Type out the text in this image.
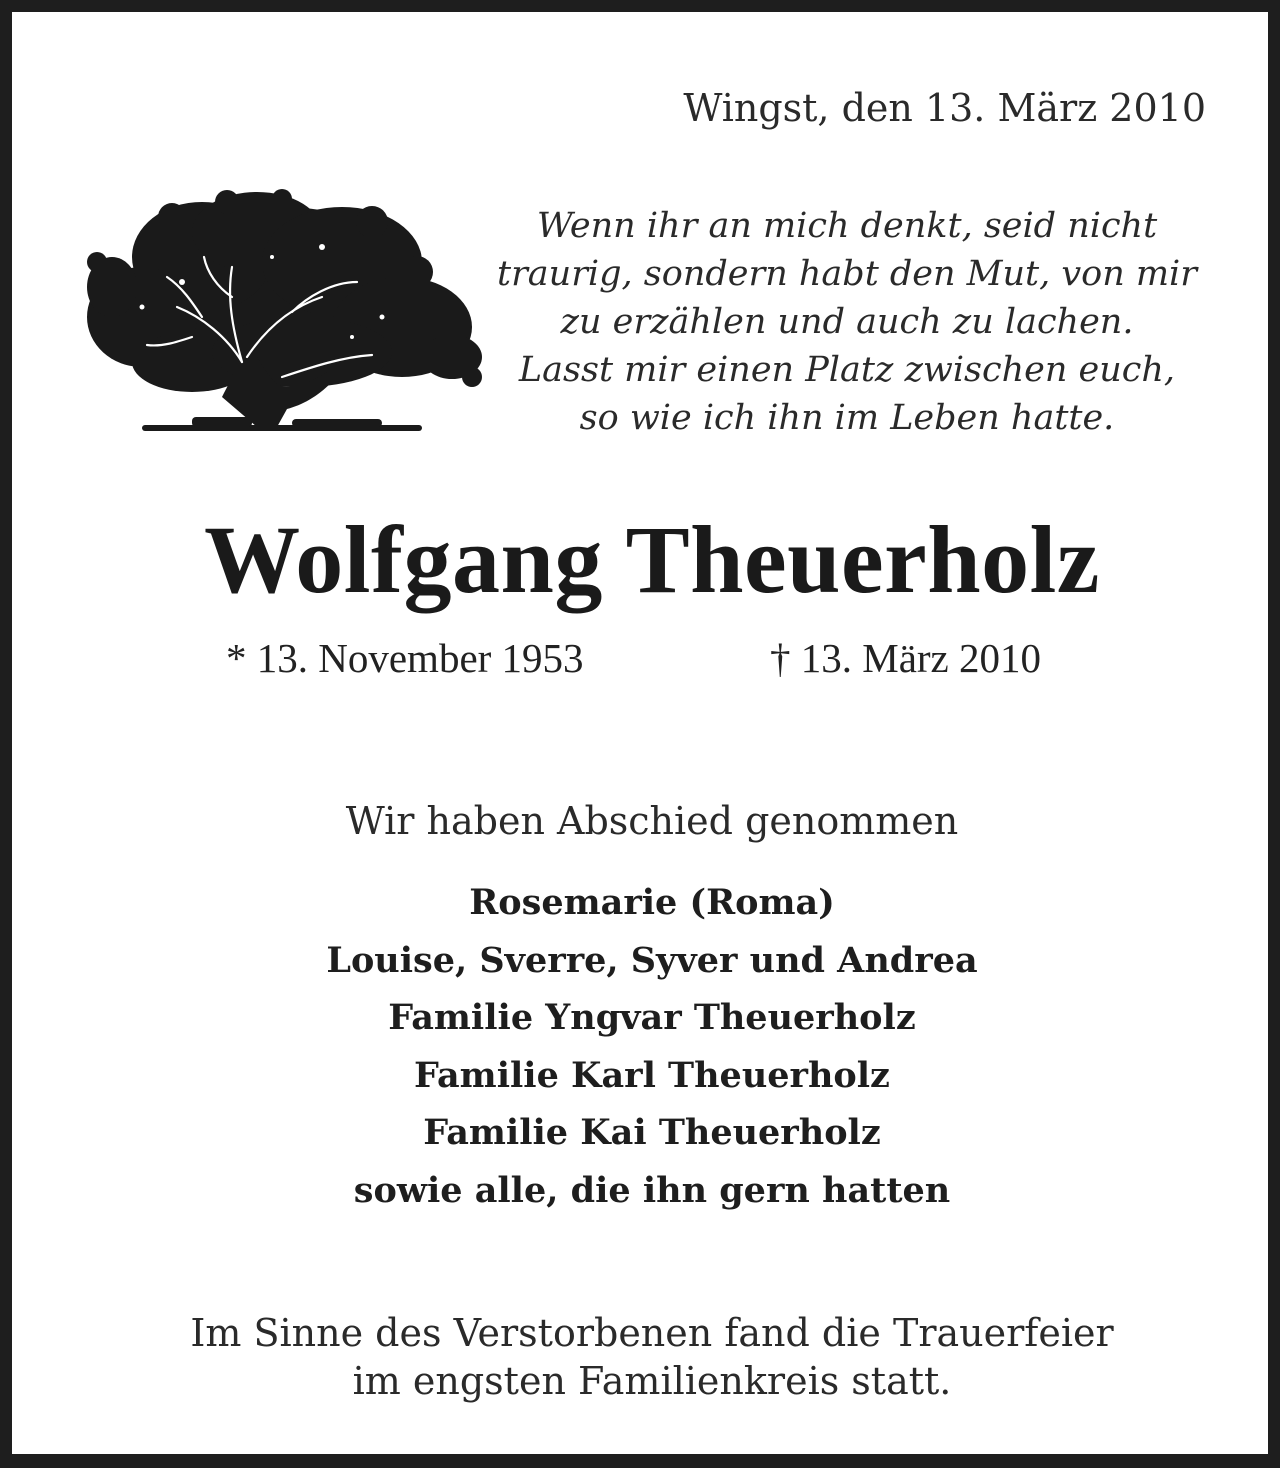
Wingst, den 13. März 2010
Wenn ihr an mich denkt, seid nicht
traurig, sondern habt den Mut, von mir
zu erzählen und auch zu lachen.
Lasst mir einen Platz zwischen euch,
so wie ich ihn im Leben hatte.
Wolfgang Theuerholz
* 13. November 1953	† 13. März 2010
Wir haben Abschied genommen
Rosemarie (Roma)
Louise, Sverre, Syver und Andrea
Familie Yngvar Theuerholz
Familie Karl Theuerholz
Familie Kai Theuerholz
sowie alle, die ihn gern hatten
Im Sinne des Verstorbenen fand die Trauerfeier
im engsten Familienkreis statt.
